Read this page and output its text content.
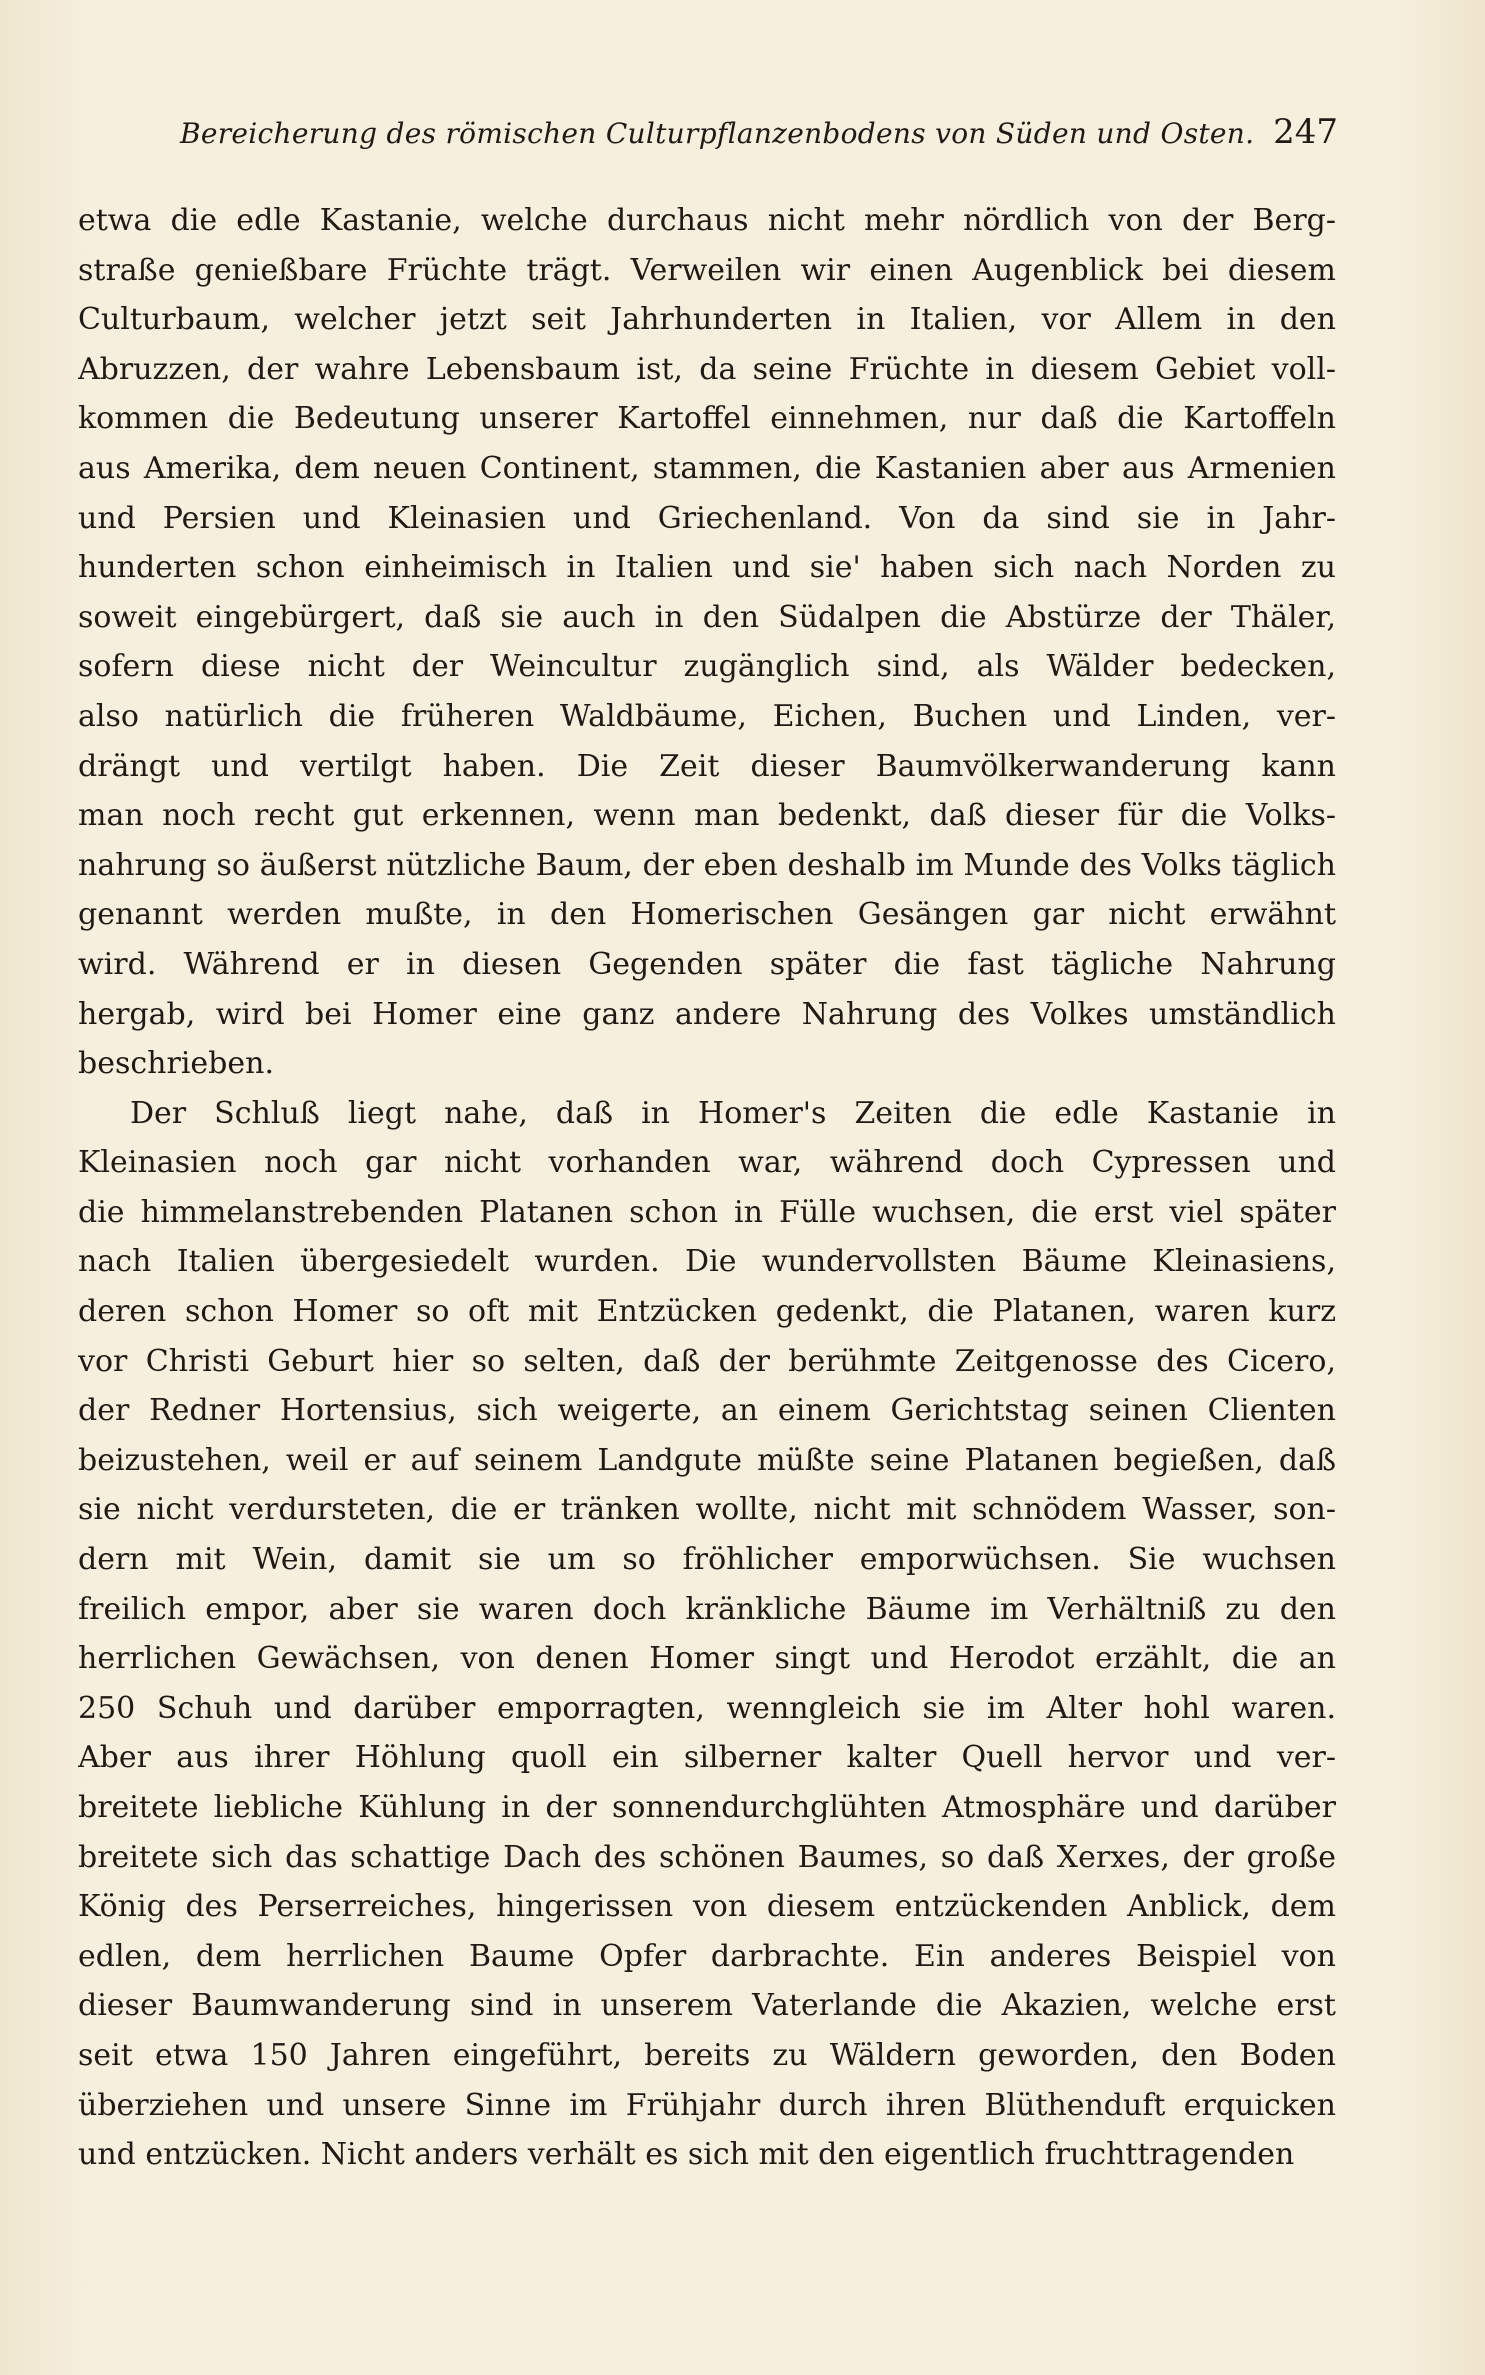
Bereicherung des römischen Culturpflanzenbodens von Süden und Osten. 247
etwa die edle Kastanie, welche durchaus nicht mehr nördlich von der Berg-
straße genießbare Früchte trägt. Verweilen wir einen Augenblick bei diesem
Culturbaum, welcher jetzt seit Jahrhunderten in Italien, vor Allem in den
Abruzzen, der wahre Lebensbaum ist, da seine Früchte in diesem Gebiet voll-
kommen die Bedeutung unserer Kartoffel einnehmen, nur daß die Kartoffeln
aus Amerika, dem neuen Continent, stammen, die Kastanien aber aus Armenien
und Persien und Kleinasien und Griechenland. Von da sind sie in Jahr-
hunderten schon einheimisch in Italien und sie' haben sich nach Norden zu
soweit eingebürgert, daß sie auch in den Südalpen die Abstürze der Thäler,
sofern diese nicht der Weincultur zugänglich sind, als Wälder bedecken,
also natürlich die früheren Waldbäume, Eichen, Buchen und Linden, ver-
drängt und vertilgt haben. Die Zeit dieser Baumvölkerwanderung kann
man noch recht gut erkennen, wenn man bedenkt, daß dieser für die Volks-
nahrung so äußerst nützliche Baum, der eben deshalb im Munde des Volks täglich
genannt werden mußte, in den Homerischen Gesängen gar nicht erwähnt
wird. Während er in diesen Gegenden später die fast tägliche Nahrung
hergab, wird bei Homer eine ganz andere Nahrung des Volkes umständlich
beschrieben.
Der Schluß liegt nahe, daß in Homer's Zeiten die edle Kastanie in
Kleinasien noch gar nicht vorhanden war, während doch Cypressen und
die himmelanstrebenden Platanen schon in Fülle wuchsen, die erst viel später
nach Italien übergesiedelt wurden. Die wundervollsten Bäume Kleinasiens,
deren schon Homer so oft mit Entzücken gedenkt, die Platanen, waren kurz
vor Christi Geburt hier so selten, daß der berühmte Zeitgenosse des Cicero,
der Redner Hortensius, sich weigerte, an einem Gerichtstag seinen Clienten
beizustehen, weil er auf seinem Landgute müßte seine Platanen begießen, daß
sie nicht verdursteten, die er tränken wollte, nicht mit schnödem Wasser, son-
dern mit Wein, damit sie um so fröhlicher emporwüchsen. Sie wuchsen
freilich empor, aber sie waren doch kränkliche Bäume im Verhältniß zu den
herrlichen Gewächsen, von denen Homer singt und Herodot erzählt, die an
250 Schuh und darüber emporragten, wenngleich sie im Alter hohl waren.
Aber aus ihrer Höhlung quoll ein silberner kalter Quell hervor und ver-
breitete liebliche Kühlung in der sonnendurchglühten Atmosphäre und darüber
breitete sich das schattige Dach des schönen Baumes, so daß Xerxes, der große
König des Perserreiches, hingerissen von diesem entzückenden Anblick, dem
edlen, dem herrlichen Baume Opfer darbrachte. Ein anderes Beispiel von
dieser Baumwanderung sind in unserem Vaterlande die Akazien, welche erst
seit etwa 150 Jahren eingeführt, bereits zu Wäldern geworden, den Boden
überziehen und unsere Sinne im Frühjahr durch ihren Blüthenduft erquicken
und entzücken. Nicht anders verhält es sich mit den eigentlich fruchttragenden
